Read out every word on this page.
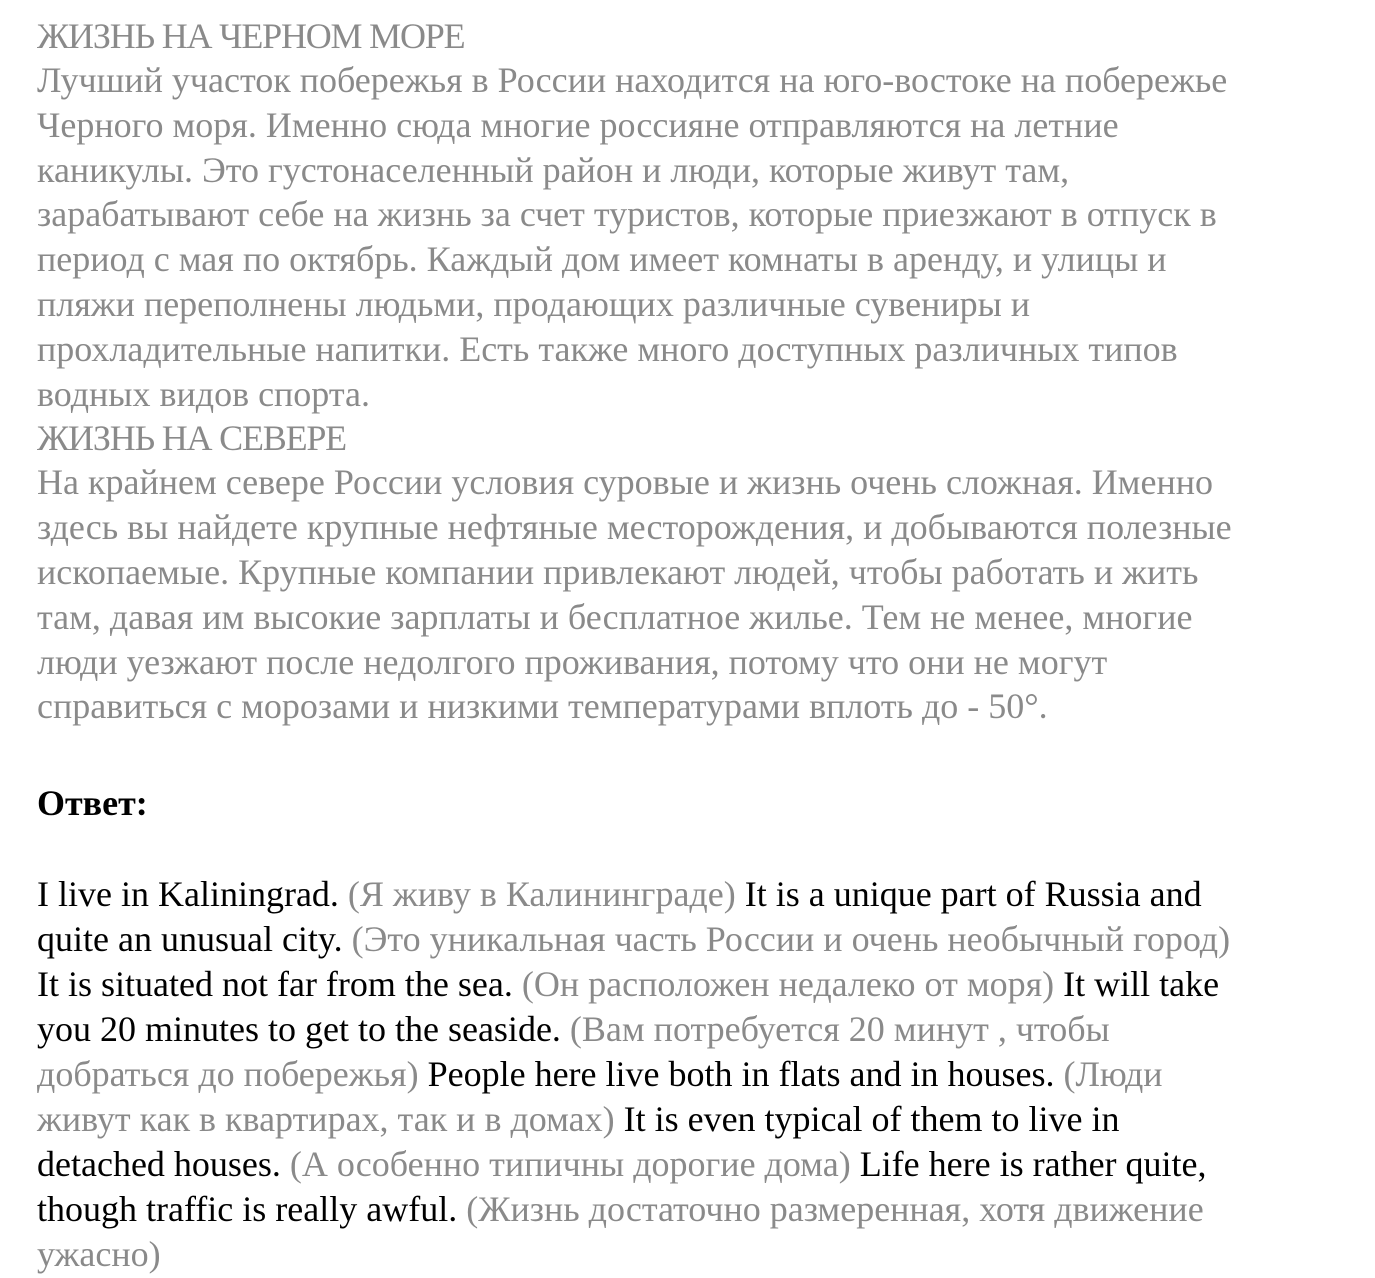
ЖИЗНЬ НА ЧЕРНОМ МОРЕ
Лучший участок побережья в России находится на юго-востоке на побережье
Черного моря. Именно сюда многие россияне отправляются на летние
каникулы. Это густонаселенный район и люди, которые живут там,
зарабатывают себе на жизнь за счет туристов, которые приезжают в отпуск в
период с мая по октябрь. Каждый дом имеет комнаты в аренду, и улицы и
пляжи переполнены людьми, продающих различные сувениры и
прохладительные напитки. Есть также много доступных различных типов
водных видов спорта.
ЖИЗНЬ НА СЕВЕРЕ
На крайнем севере России условия суровые и жизнь очень сложная. Именно
здесь вы найдете крупные нефтяные месторождения, и добываются полезные
ископаемые. Крупные компании привлекают людей, чтобы работать и жить
там, давая им высокие зарплаты и бесплатное жилье. Тем не менее, многие
люди уезжают после недолгого проживания, потому что они не могут
справиться с морозами и низкими температурами вплоть до - 50°.
Ответ:
I live in Kaliningrad. (Я живу в Калининграде) It is a unique part of Russia and
quite an unusual city. (Это уникальная часть России и очень необычный город)
It is situated not far from the sea. (Он расположен недалеко от моря) It will take
you 20 minutes to get to the seaside. (Вам потребуется 20 минут , чтобы
добраться до побережья) People here live both in flats and in houses. (Люди
живут как в квартирах, так и в домах) It is even typical of them to live in
detached houses. (А особенно типичны дорогие дома) Life here is rather quite,
though traffic is really awful. (Жизнь достаточно размеренная, хотя движение
ужасно)
